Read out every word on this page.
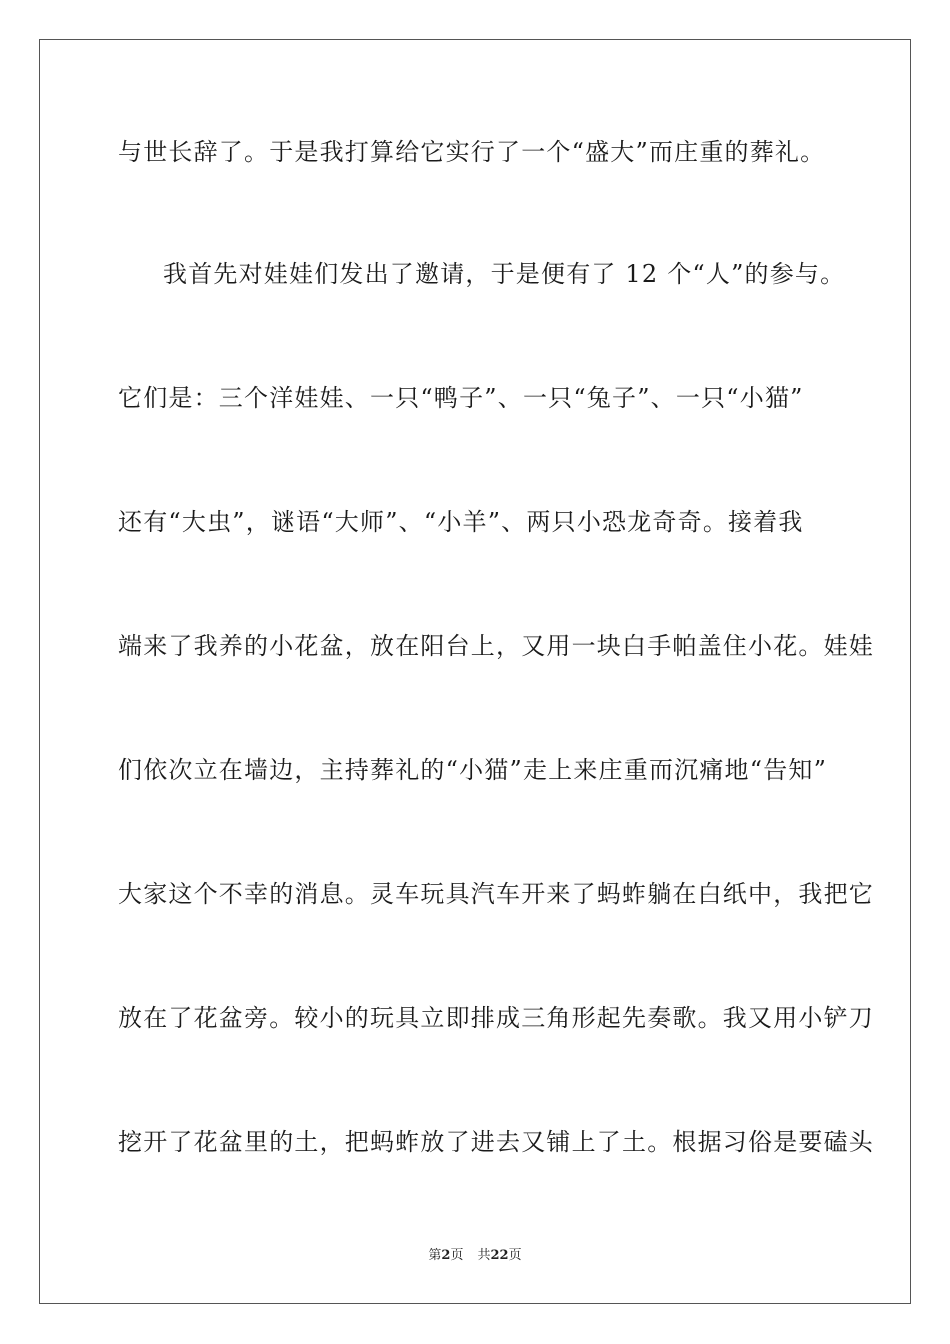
与世长辞了。于是我打算给它实行了一个“盛大”而庄重的葬礼。
我首先对娃娃们发出了邀请，于是便有了 12 个“人”的参与。
它们是：三个洋娃娃、一只“鸭子”、一只“兔子”、一只“小猫”
还有“大虫”，谜语“大师”、“小羊”、两只小恐龙奇奇。接着我
端来了我养的小花盆，放在阳台上，又用一块白手帕盖住小花。娃娃
们依次立在墙边，主持葬礼的“小猫”走上来庄重而沉痛地“告知”
大家这个不幸的消息。灵车玩具汽车开来了蚂蚱躺在白纸中，我把它
放在了花盆旁。较小的玩具立即排成三角形起先奏歌。我又用小铲刀
挖开了花盆里的土，把蚂蚱放了进去又铺上了土。根据习俗是要磕头
第2页 共22页
